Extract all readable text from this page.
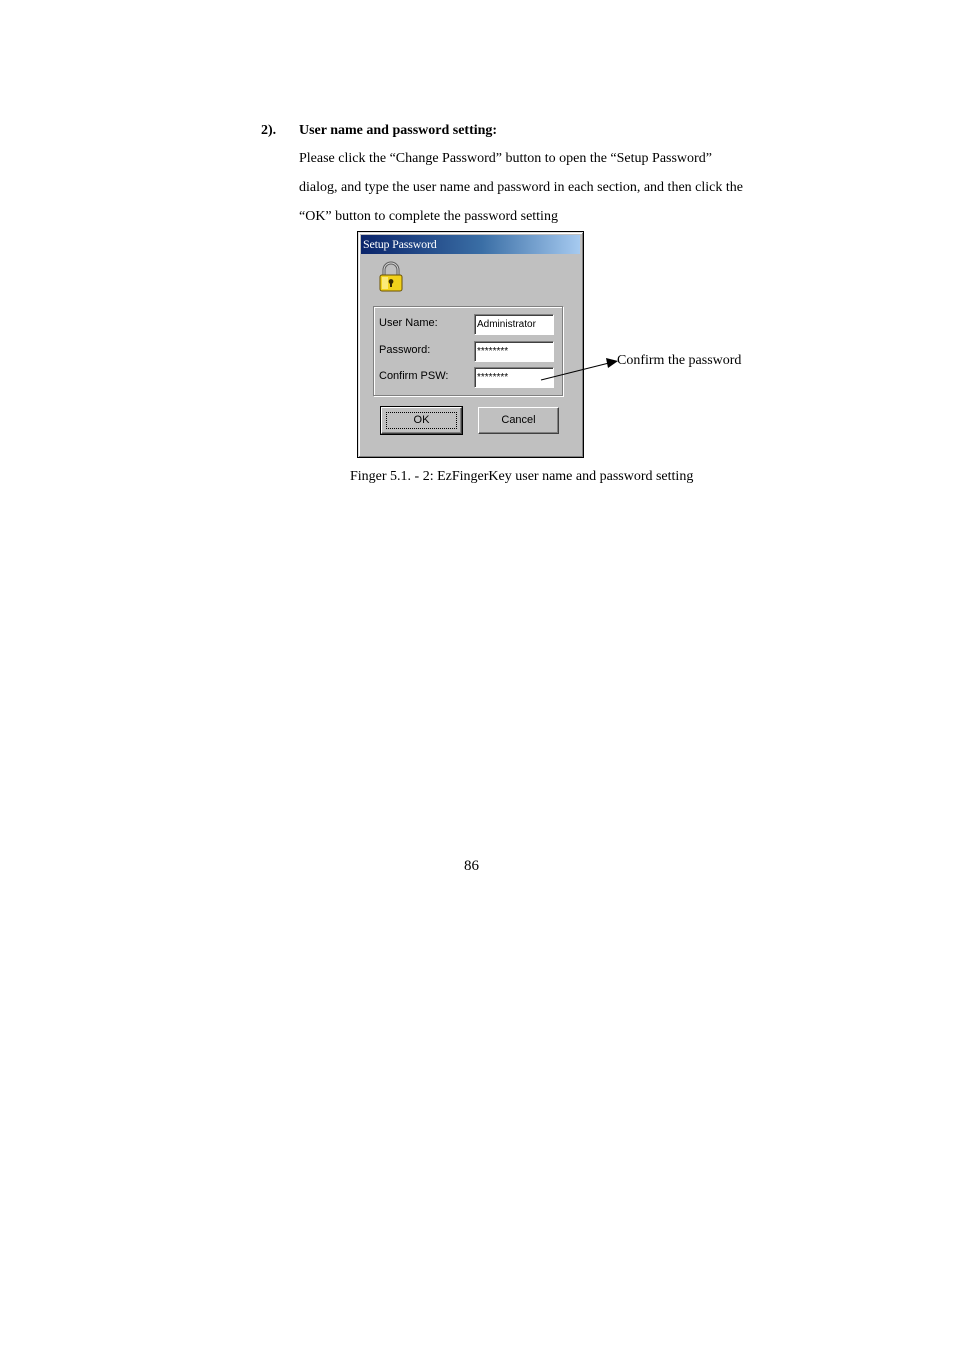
2). User name and password setting:
Please click the “Change Password” button to open the “Setup Password”
dialog, and type the user name and password in each section, and then click the
“OK” button to complete the password setting
Setup Password
User Name:	Administrator
Password:	********
Confirm PSW:	********
OK	Cancel
Confirm the password
Finger 5.1. - 2: EzFingerKey user name and password setting
86
